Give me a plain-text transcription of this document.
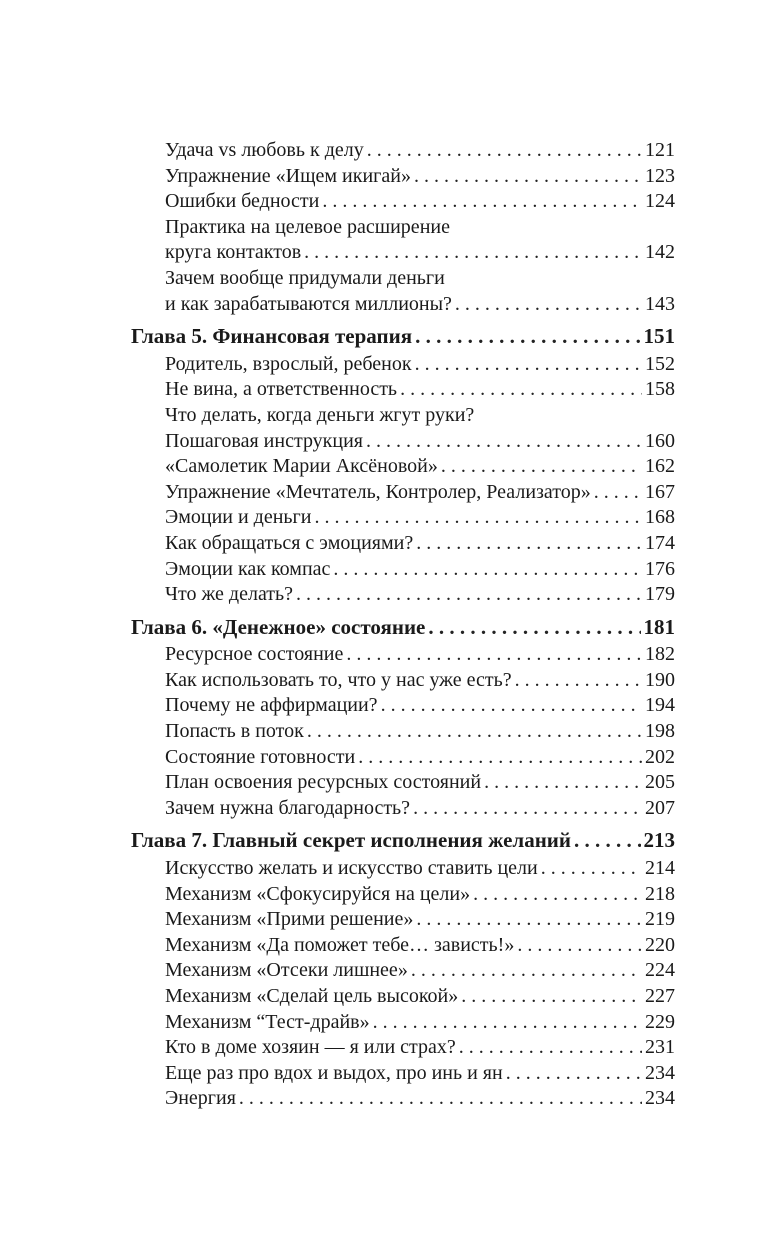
Удача vs любовь к делу . . .	121
Упражнение «Ищем икигай» . . .	123
Ошибки бедности . . .	124
Практика на целевое расширение
круга контактов . . .	142
Зачем вообще придумали деньги
и как зарабатываются миллионы? . . .	143
Глава 5. Финансовая терапия . . .	151
Родитель, взрослый, ребенок . . .	152
Не вина, а ответственность . . .	158
Что делать, когда деньги жгут руки?
Пошаговая инструкция . . .	160
«Самолетик Марии Аксёновой» . . .	162
Упражнение «Мечтатель, Контролер, Реализатор» . . .	167
Эмоции и деньги . . .	168
Как обращаться с эмоциями? . . .	174
Эмоции как компас . . .	176
Что же делать? . . .	179
Глава 6. «Денежное» состояние . . .	181
Ресурсное состояние . . .	182
Как использовать то, что у нас уже есть? . . .	190
Почему не аффирмации? . . .	194
Попасть в поток . . .	198
Состояние готовности . . .	202
План освоения ресурсных состояний . . .	205
Зачем нужна благодарность? . . .	207
Глава 7. Главный секрет исполнения желаний . . .	213
Искусство желать и искусство ставить цели . . .	214
Механизм «Сфокусируйся на цели» . . .	218
Механизм «Прими решение» . . .	219
Механизм «Да поможет тебе… зависть!» . . .	220
Механизм «Отсеки лишнее» . . .	224
Механизм «Сделай цель высокой» . . .	227
Механизм “Тест-драйв» . . .	229
Кто в доме хозяин — я или страх? . . .	231
Еще раз про вдох и выдох, про инь и ян . . .	234
Энергия . . .	234
